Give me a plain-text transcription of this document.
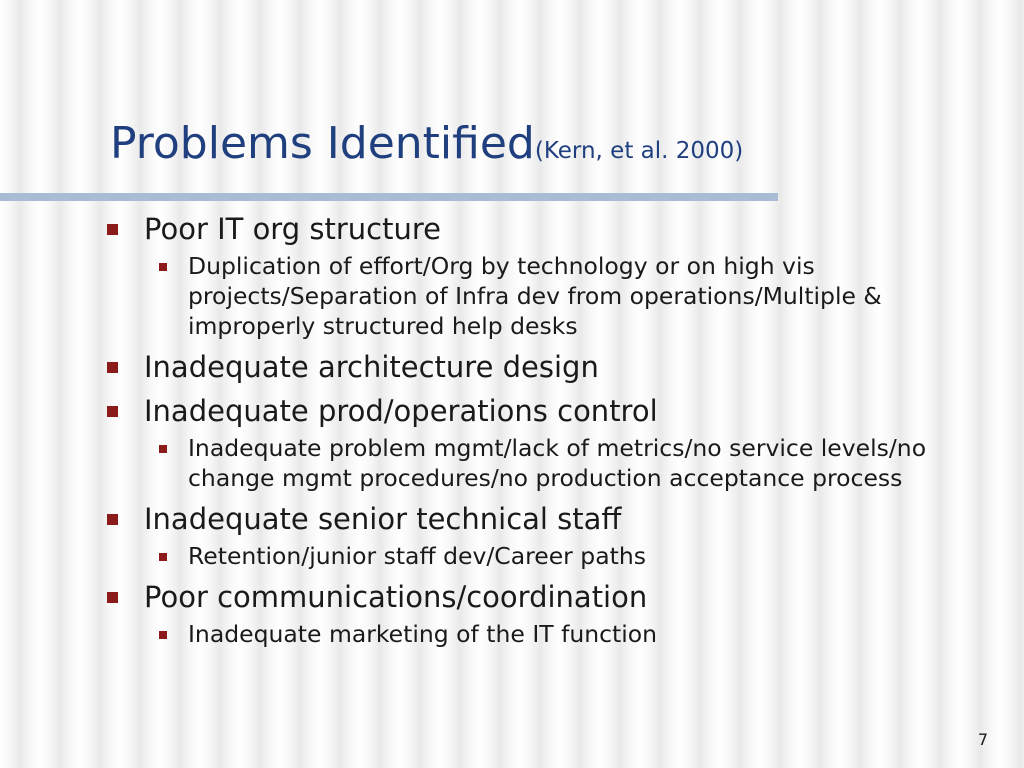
Problems Identified(Kern, et al. 2000)

Poor IT org structure

Duplication of effort/Org by technology or on high vis projects/Separation of Infra dev from operations/Multiple & improperly structured help desks

Inadequate architecture design

Inadequate prod/operations control

Inadequate problem mgmt/lack of metrics/no service levels/no change mgmt procedures/no production acceptance process

Inadequate senior technical staff

Retention/junior staff dev/Career paths

Poor communications/coordination

Inadequate marketing of the IT function

7
